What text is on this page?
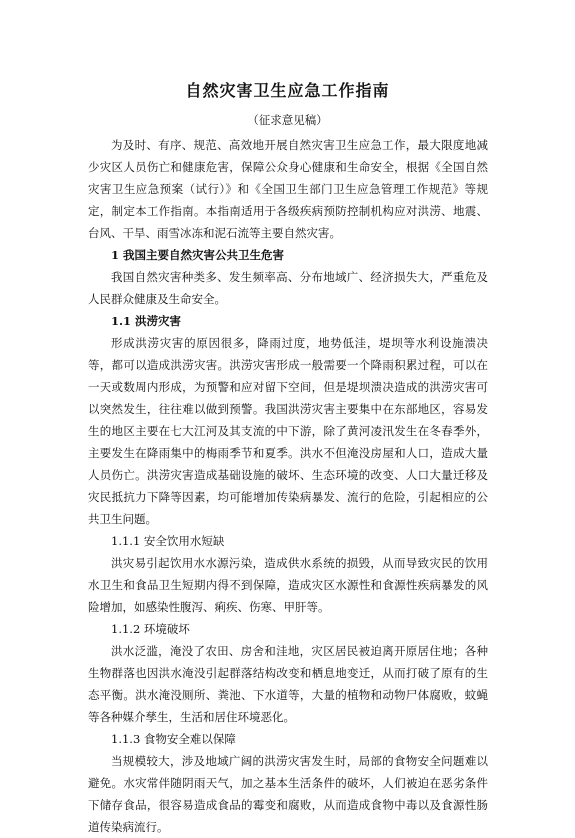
自然灾害卫生应急工作指南
（征求意见稿）

为及时、有序、规范、高效地开展自然灾害卫生应急工作，最大限度地减少灾区人员伤亡和健康危害，保障公众身心健康和生命安全，根据《全国自然灾害卫生应急预案（试行）》和《全国卫生部门卫生应急管理工作规范》等规定，制定本工作指南。本指南适用于各级疾病预防控制机构应对洪涝、地震、台风、干旱、雨雪冰冻和泥石流等主要自然灾害。

1 我国主要自然灾害公共卫生危害

我国自然灾害种类多、发生频率高、分布地域广、经济损失大，严重危及人民群众健康及生命安全。

1.1 洪涝灾害

形成洪涝灾害的原因很多，降雨过度，地势低洼，堤坝等水利设施溃决等，都可以造成洪涝灾害。洪涝灾害形成一般需要一个降雨积累过程，可以在一天或数周内形成，为预警和应对留下空间，但是堤坝溃决造成的洪涝灾害可以突然发生，往往难以做到预警。我国洪涝灾害主要集中在东部地区，容易发生的地区主要在七大江河及其支流的中下游，除了黄河凌汛发生在冬春季外，主要发生在降雨集中的梅雨季节和夏季。洪水不但淹没房屋和人口，造成大量人员伤亡。洪涝灾害造成基础设施的破坏、生态环境的改变、人口大量迁移及灾民抵抗力下降等因素，均可能增加传染病暴发、流行的危险，引起相应的公共卫生问题。

1.1.1 安全饮用水短缺

洪灾易引起饮用水水源污染，造成供水系统的损毁，从而导致灾民的饮用水卫生和食品卫生短期内得不到保障，造成灾区水源性和食源性疾病暴发的风险增加，如感染性腹泻、痢疾、伤寒、甲肝等。

1.1.2 环境破坏

洪水泛滥，淹没了农田、房舍和洼地，灾区居民被迫离开原居住地；各种生物群落也因洪水淹没引起群落结构改变和栖息地变迁，从而打破了原有的生态平衡。洪水淹没厕所、粪池、下水道等，大量的植物和动物尸体腐败，蚊蝇等各种媒介孳生，生活和居住环境恶化。

1.1.3 食物安全难以保障

当规模较大，涉及地域广阔的洪涝灾害发生时，局部的食物安全问题难以避免。水灾常伴随阴雨天气，加之基本生活条件的破坏，人们被迫在恶劣条件下储存食品，很容易造成食品的霉变和腐败，从而造成食物中毒以及食源性肠道传染病流行。
